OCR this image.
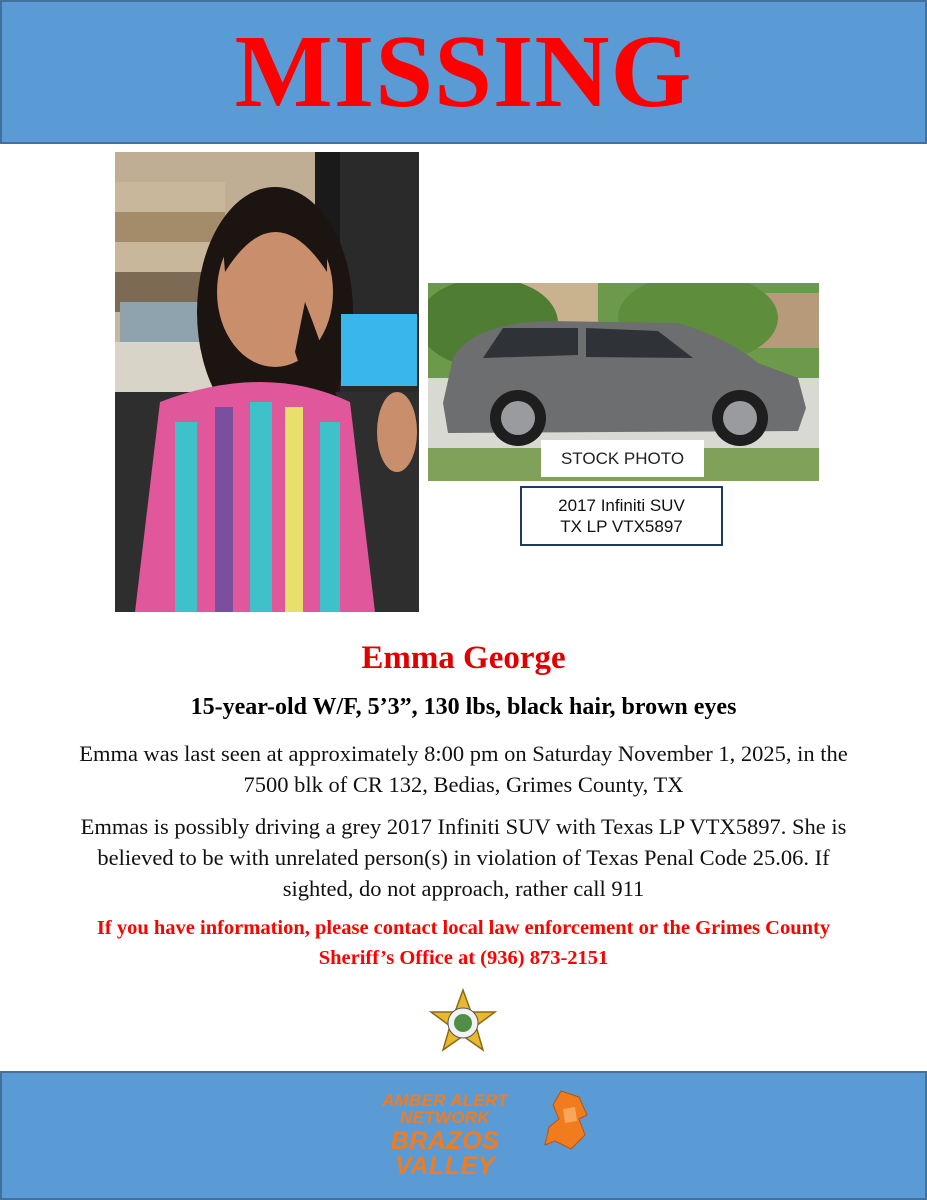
MISSING
STOCK PHOTO
2017 Infiniti SUV
TX LP VTX5897
Emma George
15-year-old W/F, 5’3”, 130 lbs, black hair, brown eyes
Emma was last seen at approximately 8:00 pm on Saturday November 1, 2025, in the 7500 blk of CR 132, Bedias, Grimes County, TX
Emmas is possibly driving a grey 2017 Infiniti SUV with Texas LP VTX5897. She is believed to be with unrelated person(s) in violation of Texas Penal Code 25.06. If sighted, do not approach, rather call 911
If you have information, please contact local law enforcement or the Grimes County Sheriff’s Office at (936) 873-2151
AMBER ALERT NETWORK
BRAZOS VALLEY
